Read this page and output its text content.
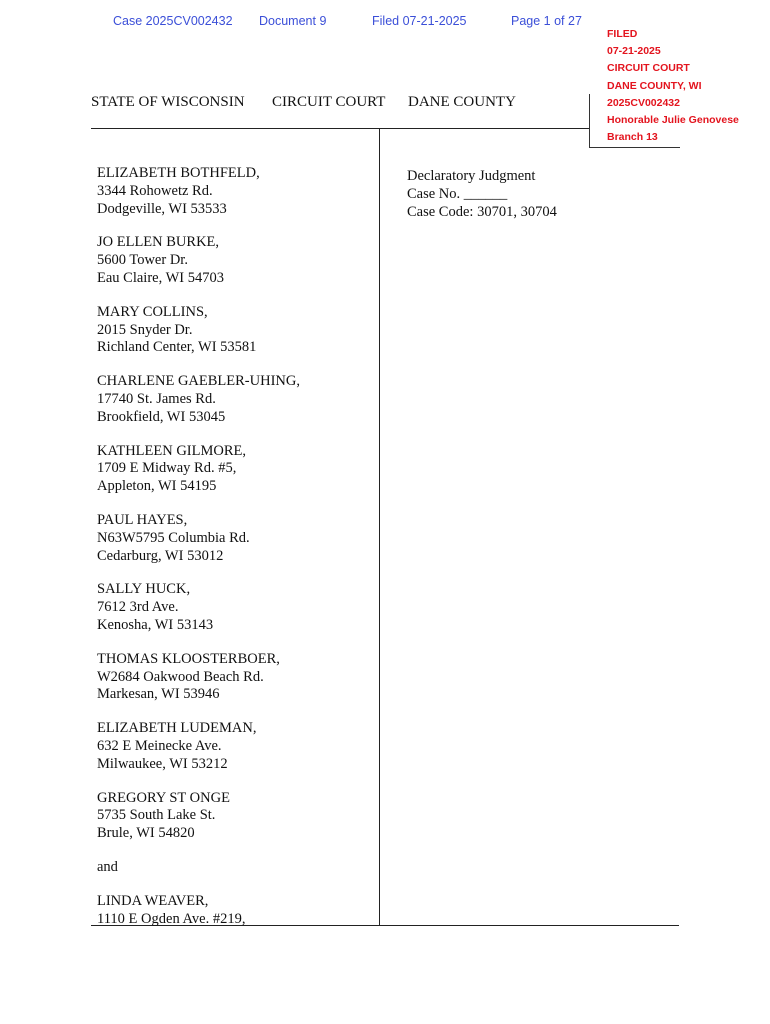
Case 2025CV002432 Document 9	Filed 07-21-2025	Page 1 of 27
FILED
07-21-2025
CIRCUIT COURT
DANE COUNTY, WI
2025CV002432
Honorable Julie Genovese
Branch 13
STATE OF WISCONSIN CIRCUIT COURT DANE COUNTY
ELIZABETH BOTHFELD,
3344 Rohowetz Rd.
Dodgeville, WI 53533
JO ELLEN BURKE,
5600 Tower Dr.
Eau Claire, WI 54703
MARY COLLINS,
2015 Snyder Dr.
Richland Center, WI 53581
CHARLENE GAEBLER-UHING,
17740 St. James Rd.
Brookfield, WI 53045
KATHLEEN GILMORE,
1709 E Midway Rd. #5,
Appleton, WI 54195
PAUL HAYES,
N63W5795 Columbia Rd.
Cedarburg, WI 53012
SALLY HUCK,
7612 3rd Ave.
Kenosha, WI 53143
THOMAS KLOOSTERBOER,
W2684 Oakwood Beach Rd.
Markesan, WI 53946
ELIZABETH LUDEMAN,
632 E Meinecke Ave.
Milwaukee, WI 53212
GREGORY ST ONGE
5735 South Lake St.
Brule, WI 54820
and
LINDA WEAVER,
1110 E Ogden Ave. #219,
Declaratory Judgment
Case No. ______
Case Code: 30701, 30704
